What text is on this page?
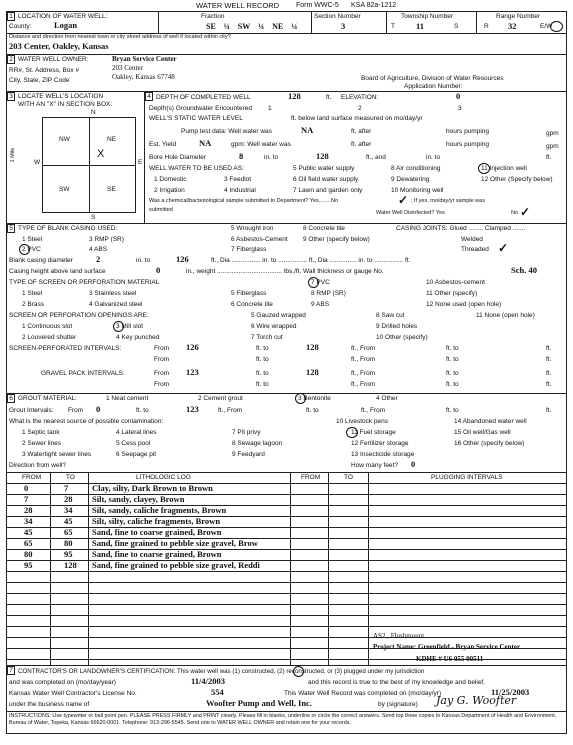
WATER WELL RECORD Form WWC-5 KSA 82a-1212
1 LOCATION OF WATER WELL:
County:	Logan
Fraction
SE ¼ SW ¼ NE ¼
Section Number
3
Township Number
T 11	S
Range Number
R 32	E/W
Distance and direction from nearest town or city street address of well if located within city?
203 Center, Oakley, Kansas
2 WATER WELL OWNER:
RR#, St. Address, Box #
City, State, ZIP Code
Bryan Service Center
203 Center
Oakley, Kansas 67748	Board of Agriculture, Division of Water Resources
Application Number:
3 LOCATE WELL'S LOCATION
WITH AN "X" IN SECTION BOX:
N
S
W	E
1 Mile
NW	NE
SW	SE
X
4 DEPTH OF COMPLETED WELL	128	ft. ELEVATION:	0
Depth(s) Groundwater Encountered 1	2	3
WELL'S STATIC WATER LEVEL	ft. below land surface measured on mo/day/yr
Pump test data: Well water was	NA	ft. after	hours pumping	gpm
Est. Yield	NA	gpm: Well water was	ft. after	hours pumping	gpm
Bore Hole Diameter	8	in. to	128	ft., and	in. to	ft.
WELL WATER TO BE USED AS:	5 Public water supply	8 Air conditioning	11 Injection well
1 Domestic	3 Feedlot	6 Oil field water supply	9 Dewatering	12 Other (Specify below)
2 Irrigation	4 Industrial	7 Lawn and garden only	10 Monitoring well
Was a chemical/bacteriological sample submitted to Department? Yes........No	✓ ; If yes, mo/day/yr sample was
submitted	Water Well Disinfected? Yes	No ✓
5 TYPE OF BLANK CASING USED:	5 Wrought iron	8 Concrete tile	CASING JOINTS: Glued ........ Clamped .......
1 Steel	3 RMP (SR)	6 Asbestos-Cement 9 Other (specify below)	Welded
2 PVC	4 ABS	7 Fiberglass	Threaded ✓
Blank casing diameter	2	in. to	126	ft., Dia ................ in. to ................ ft., Dia ............... in. to ................ ft.
Casing height above land surface	0	in., weight .................................... lbs./ft. Wall thickness or gauge No.	Sch. 40
TYPE OF SCREEN OR PERFORATION MATERIAL	7 PVC	10 Asbestos-cement
1 Steel	3 Stainless steel	5 Fiberglass	8 RMP (SR)	11 Other (specify)
2 Brass	4 Galvanized steel	6 Concrete tile	9 ABS	12 None used (open hole)
SCREEN OR PERFORATION OPENINGS ARE:	5 Gauzed wrapped	8 Saw cut	11 None (open hole)
1 Continuous slot	3 Mill slot	6 Wire wrapped	9 Drilled holes
2 Louvered shutter	4 Key punched	7 Torch cut	10 Other (specify)
SCREEN-PERFORATED INTERVALS:	From 126	ft. to	128	ft., From	ft. to	ft.
From	ft. to	ft., From	ft. to	ft.
GRAVEL PACK INTERVALS:	From 123	ft. to	128	ft., From	ft. to	ft.
From	ft. to	ft., From	ft. to	ft.
6 GROUT MATERIAL:	1 Neat cement	2 Cement grout	3 Bentonite	4 Other
Grout Intervals: From 0	ft. to	123	ft., From	ft. to	ft., From	ft. to	ft.
What is the nearest source of possible contamination:	10 Livestock pens	14 Abandoned water well
1 Septic tank	4 Lateral lines	7 Pit privy	11 Fuel storage	15 Oil well/Gas well
2 Sewer lines	5 Cess pool	8 Sewage lagoon	12 Fertilizer storage	16 Other (specify below)
3 Watertight sewer lines	6 Seepage pit	9 Feedyard	13 Insecticide storage
Direction from well?	How many feet? 0
FROM	TO	LITHOLOGIC LOG	FROM	TO	PLUGGING INTERVALS
0	7	Clay, silty, Dark Brown to Brown
7	28 Silt, sandy, clayey, Brown
28	34 Silt, sandy, caliche fragments, Brown
34	45 Silt, silty, caliche fragments, Brown
45	65 Sand, fine to coarse grained, Brown
65	80 Sand, fine grained to pebble size gravel, Brow
80	95 Sand, fine to coarse grained, Brown
95	128 Sand, fine grained to pebble size gravel, Reddi
AS2 , Flushmount
Project Name: Greenfield - Bryan Service Center
KDHE # U6 055 00511
7 CONTRACTOR'S OR LANDOWNER'S CERTIFICATION: This water well was (1) constructed, (2) reconstructed, or (3) plugged under my jurisdiction
and was completed on (mo/day/year)	11/4/2003	and this record is true to the best of my knowledge and belief.
Kansas Water Well Contractor's License No.	554	This Water Well Record was completed on (mo/day/yr)	11/25/2003
under the business name of	Woofter Pump and Well, Inc.	by (signature) Jay G. Woofter
INSTRUCTIONS: Use typewriter or ball point pen. PLEASE PRESS FIRMLY and PRINT clearly. Please fill in blanks, underline or circle the correct answers. Send top three copies to Kansas Department of Health and Environment, Bureau of Water, Topeka, Kansas 66620-0001. Telephone: 913-296-5545. Send one to WATER WELL OWNER and retain one for your records.
